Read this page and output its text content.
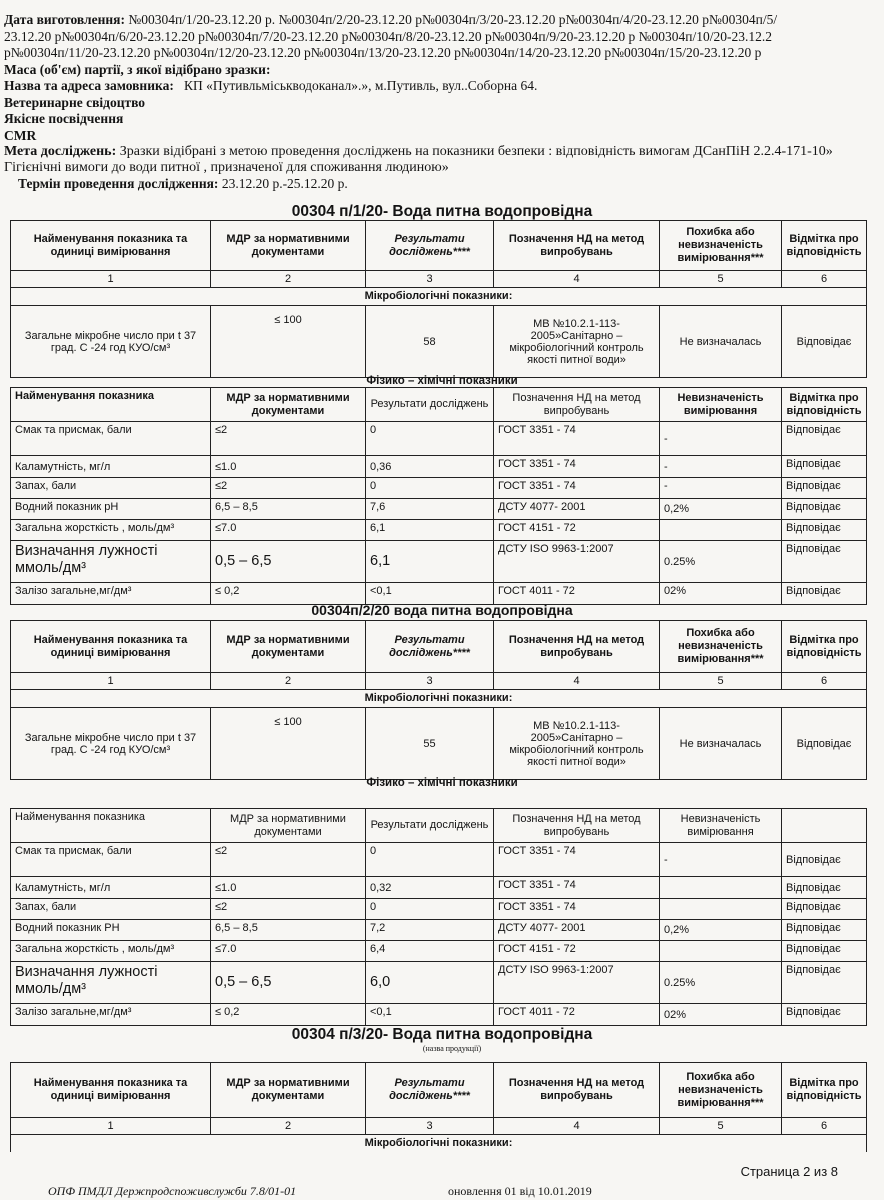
Дата виготовлення: №00304п/1/20-23.12.20 р. №00304п/2/20-23.12.20 р№00304п/3/20-23.12.20 р№00304п/4/20-23.12.20 р№00304п/5/
23.12.20 р№00304п/6/20-23.12.20 р№00304п/7/20-23.12.20 р№00304п/8/20-23.12.20 р№00304п/9/20-23.12.20 р №00304п/10/20-23.12.2
р№00304п/11/20-23.12.20 р№00304п/12/20-23.12.20 р№00304п/13/20-23.12.20 р№00304п/14/20-23.12.20 р№00304п/15/20-23.12.20 р
Маса (об'єм) партії, з якої відібрано зразки:
Назва та адреса замовника: КП «Путивльміськводоканал».», м.Путивль, вул..Соборна 64.
Ветеринарне свідоцтво
Якісне посвідчення
CMR
Мета досліджень: Зразки відібрані з метою проведення досліджень на показники безпеки : відповідність вимогам ДСанПіН 2.2.4-171-10» Гігієнічні вимоги до води питної , призначеної для споживання людиною»
Термін проведення дослідження: 23.12.20 р.-25.12.20 р.
00304 п/1/20- Вода питна водопровідна
Найменування показника та одиниці вимірювання	МДР за нормативними документами	Результати досліджень****	Позначення НД на метод випробувань	Похибка або невизначеність вимірювання***	Відмітка про відповідність
1	2	3	4	5	6
Мікробіологічні показники:					
Загальне мікробне число при t 37 град. С -24 год КУО/см³	≤ 100	58	МВ №10.2.1-113-2005»Санітарно – мікробіологічний контроль якості питної води»	Не визначалась	Відповідає
Фізико – хімічні показники
Найменування показника	МДР за нормативними документами	Результати досліджень	Позначення НД на метод випробувань	Невизначеність вимірювання	Відмітка про відповідність
Смак та присмак, бали	≤2	0	ГОСТ 3351 - 74	-	Відповідає
Каламутність, мг/л	≤1.0	0,36	ГОСТ 3351 - 74	-	Відповідає
Запах, бали	≤2	0	ГОСТ 3351 - 74	-	Відповідає
Водний показник рН	6,5 – 8,5	7,6	ДСТУ 4077- 2001	0,2%	Відповідає
Загальна жорсткість , моль/дм³	≤7.0	6,1	ГОСТ 4151 - 72		Відповідає
Визначання лужності ммоль/дм³	0,5 – 6,5	6,1	ДСТУ ISO 9963-1:2007	0.25%	Відповідає
Залізо загальне,мг/дм³	≤ 0,2	<0,1	ГОСТ 4011 - 72	02%	Відповідає
00304п/2/20 вода питна водопровідна
Найменування показника та одиниці вимірювання	МДР за нормативними документами	Результати досліджень****	Позначення НД на метод випробувань	Похибка або невизначеність вимірювання***	Відмітка про відповідність
1	2	3	4	5	6
Мікробіологічні показники:					
Загальне мікробне число при t 37 град. С -24 год КУО/см³	≤ 100	55	МВ №10.2.1-113-2005»Санітарно – мікробіологічний контроль якості питної води»	Не визначалась	Відповідає
Фізико – хімічні показники
Найменування показника	МДР за нормативними документами	Результати досліджень	Позначення НД на метод випробувань	Невизначеність вимірювання	
Смак та присмак, бали	≤2	0	ГОСТ 3351 - 74	-	Відповідає
Каламутність, мг/л	≤1.0	0,32	ГОСТ 3351 - 74		Відповідає
Запах, бали	≤2	0	ГОСТ 3351 - 74		Відповідає
Водний показник РН	6,5 – 8,5	7,2	ДСТУ 4077- 2001	0,2%	Відповідає
Загальна жорсткість , моль/дм³	≤7.0	6,4	ГОСТ 4151 - 72		Відповідає
Визначання лужності ммоль/дм³	0,5 – 6,5	6,0	ДСТУ ISO 9963-1:2007	0.25%	Відповідає
Залізо загальне,мг/дм³	≤ 0,2	<0,1	ГОСТ 4011 - 72	02%	Відповідає
00304 п/3/20- Вода питна водопровідна
(назва продукції)
Найменування показника та одиниці вимірювання	МДР за нормативними документами	Результати досліджень****	Позначення НД на метод випробувань	Похибка або невизначеність вимірювання***	Відмітка про відповідність
1	2	3	4	5	6
Мікробіологічні показники:					
Страница 2 из 8
ОПФ ПМДЛ Держпродспоживслужби 7.8/01-01	оновлення 01 від 10.01.2019
